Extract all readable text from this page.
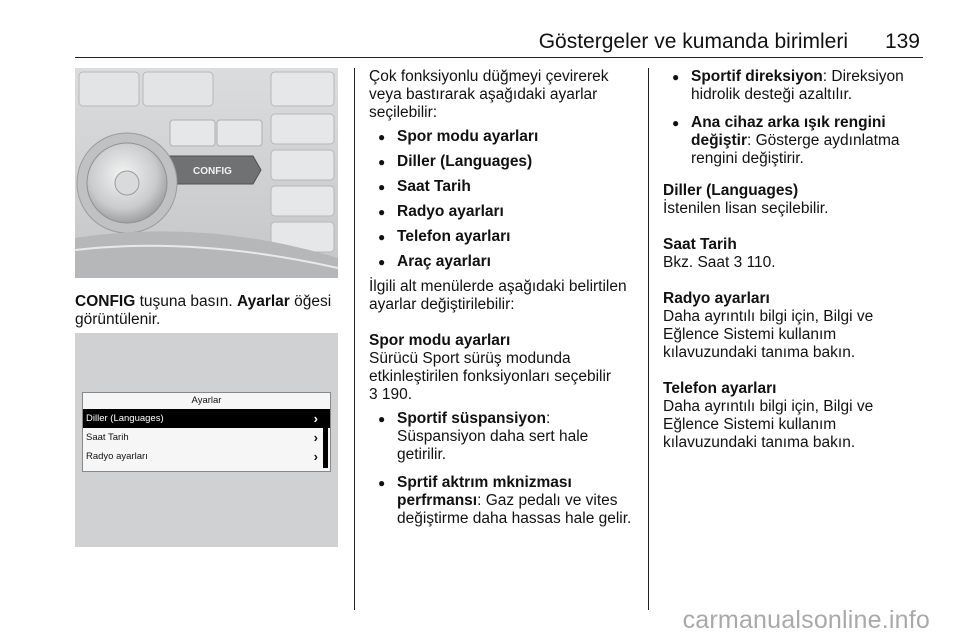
Göstergeler ve kumanda birimleri 139
CONFIG

CONFIG tuşuna basın. Ayarlar öğesi görüntülenir.

Ayarlar
Diller (Languages)	›
Saat Tarih	›
Radyo ayarları	›

Çok fonksiyonlu düğmeyi çevirerek veya bastırarak aşağıdaki ayarlar seçilebilir:

● Spor modu ayarları
● Diller (Languages)
● Saat Tarih
● Radyo ayarları
● Telefon ayarları
● Araç ayarları

İlgili alt menülerde aşağıdaki belirtilen ayarlar değiştirilebilir:

Spor modu ayarları

Sürücü Sport sürüş modunda etkinleştirilen fonksiyonları seçebilir
3 190.

● Sportif süspansiyon: Süspansiyon daha sert hale getirilir.
● Sprtif aktrım mknizması perfrmansı: Gaz pedalı ve vites değiştirme daha hassas hale gelir.
● Sportif direksiyon: Direksiyon hidrolik desteği azaltılır.
● Ana cihaz arka ışık rengini değiştir: Gösterge aydınlatma rengini değiştirir.

Diller (Languages)

İstenilen lisan seçilebilir.

Saat Tarih

Bkz. Saat 3 110.

Radyo ayarları

Daha ayrıntılı bilgi için, Bilgi ve Eğlence Sistemi kullanım kılavuzundaki tanıma bakın.

Telefon ayarları

Daha ayrıntılı bilgi için, Bilgi ve Eğlence Sistemi kullanım kılavuzundaki tanıma bakın.

carmanualsonline.info
